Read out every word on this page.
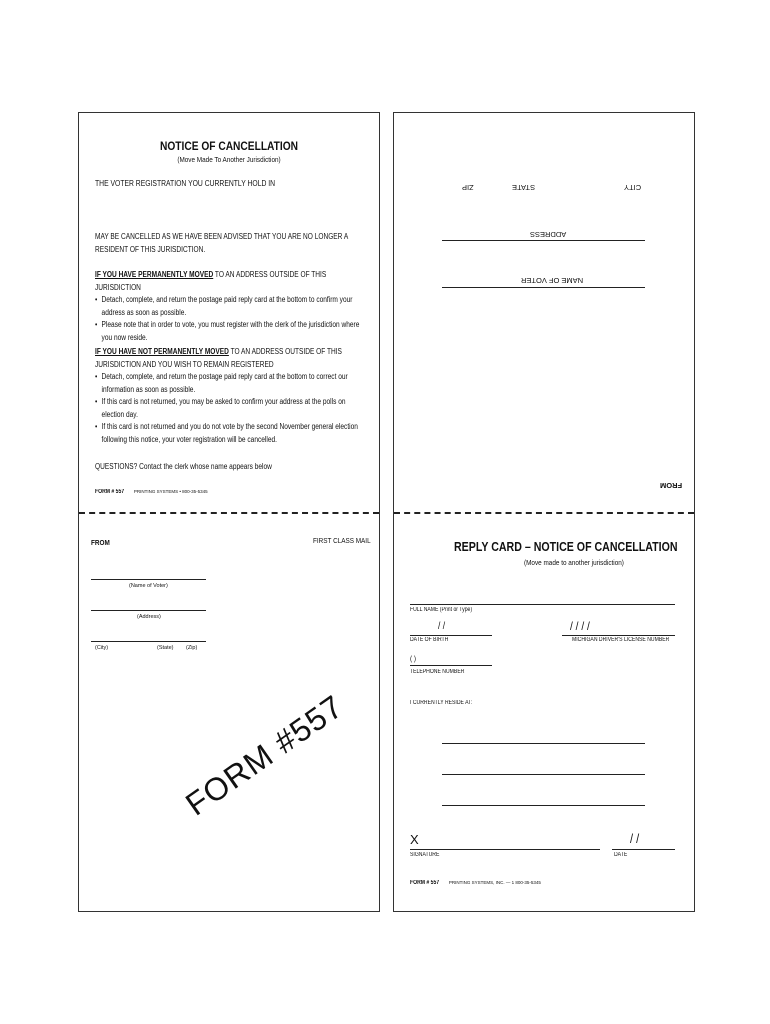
NOTICE OF CANCELLATION
(Move Made To Another Jurisdiction)
THE VOTER REGISTRATION YOU CURRENTLY HOLD IN
MAY BE CANCELLED AS WE HAVE BEEN ADVISED THAT YOU ARE NO LONGER A RESIDENT OF THIS JURISDICTION.
IF YOU HAVE PERMANENTLY MOVED TO AN ADDRESS OUTSIDE OF THIS JURISDICTION
• Detach, complete, and return the postage paid reply card at the bottom to confirm your address as soon as possible.
• Please note that in order to vote, you must register with the clerk of the jurisdiction where you now reside.
IF YOU HAVE NOT PERMANENTLY MOVED TO AN ADDRESS OUTSIDE OF THIS JURISDICTION AND YOU WISH TO REMAIN REGISTERED
• Detach, complete, and return the postage paid reply card at the bottom to correct our information as soon as possible.
• If this card is not returned, you may be asked to confirm your address at the polls on election day.
• If this card is not returned and you do not vote by the second November general election following this notice, your voter registration will be cancelled.
QUESTIONS? Contact the clerk whose name appears below
FORM # 557 PRINTING SYSTEMS • 800-35-5345
FROM	FIRST CLASS MAIL
(Name of Voter)
(Address)
(City)	(State) (Zip)
FORM #557
ZIP	STATE	CITY
ADDRESS
NAME OF VOTER
FROM
REPLY CARD – NOTICE OF CANCELLATION
(Move made to another jurisdiction)
FULL NAME (Print or Type)
/ /
DATE OF BIRTH
/ / / /
MICHIGAN DRIVER'S LICENSE NUMBER
( )
TELEPHONE NUMBER
I CURRENTLY RESIDE AT:
X
SIGNATURE
/ /
DATE
FORM # 557 PRINTING SYSTEMS, INC. — 1 800-35-5345
